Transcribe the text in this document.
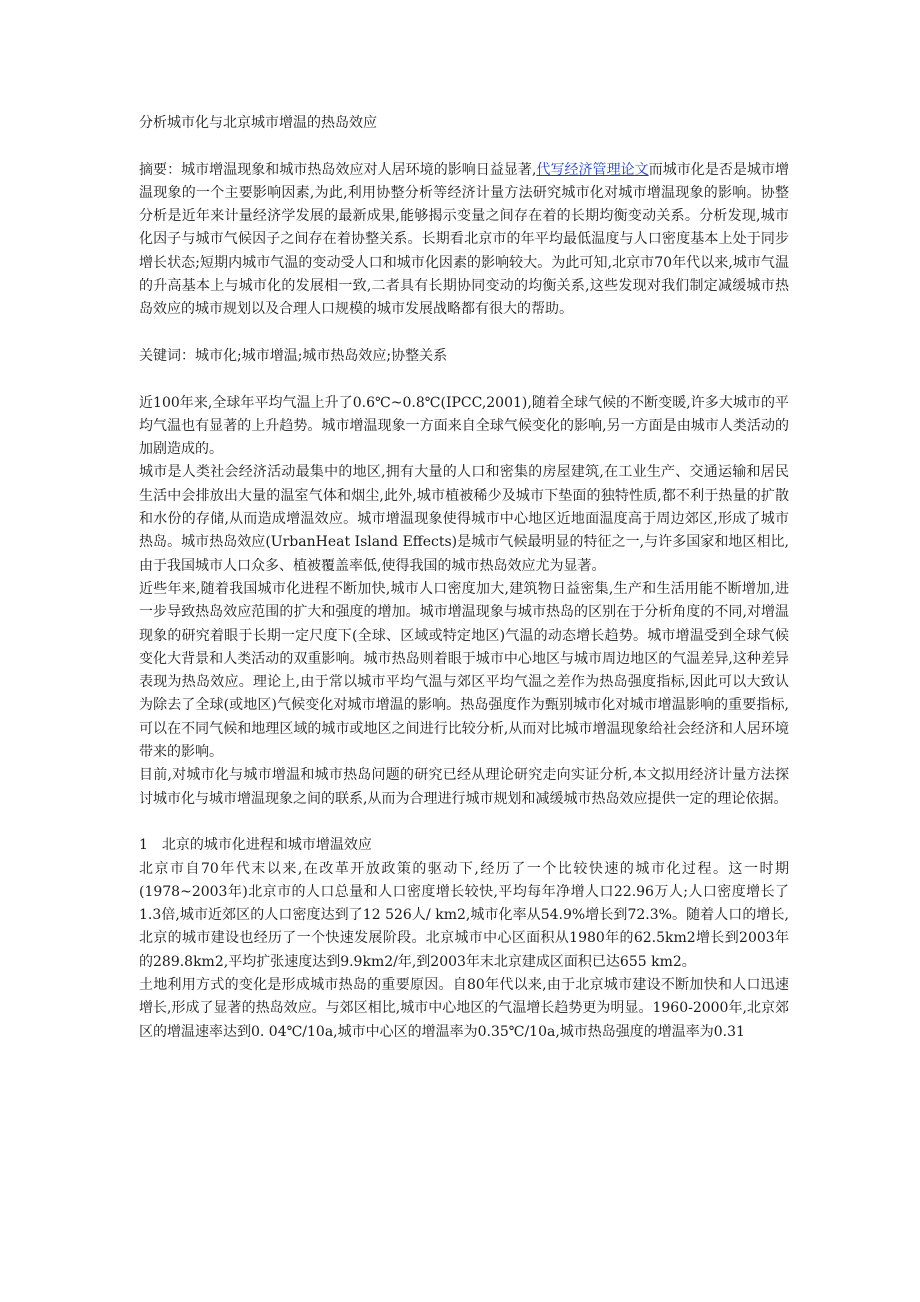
分析城市化与北京城市增温的热岛效应

摘要：城市增温现象和城市热岛效应对人居环境的影响日益显著,代写经济管理论文而城市化是否是城市增温现象的一个主要影响因素,为此,利用协整分析等经济计量方法研究城市化对城市增温现象的影响。协整分析是近年来计量经济学发展的最新成果,能够揭示变量之间存在着的长期均衡变动关系。分析发现,城市化因子与城市气候因子之间存在着协整关系。长期看北京市的年平均最低温度与人口密度基本上处于同步增长状态;短期内城市气温的变动受人口和城市化因素的影响较大。为此可知,北京市70年代以来,城市气温的升高基本上与城市化的发展相一致,二者具有长期协同变动的均衡关系,这些发现对我们制定减缓城市热岛效应的城市规划以及合理人口规模的城市发展战略都有很大的帮助。

关键词：城市化;城市增温;城市热岛效应;协整关系

近100年来,全球年平均气温上升了0.6℃~0.8℃(IPCC,2001),随着全球气候的不断变暖,许多大城市的平均气温也有显著的上升趋势。城市增温现象一方面来自全球气候变化的影响,另一方面是由城市人类活动的加剧造成的。

城市是人类社会经济活动最集中的地区,拥有大量的人口和密集的房屋建筑,在工业生产、交通运输和居民生活中会排放出大量的温室气体和烟尘,此外,城市植被稀少及城市下垫面的独特性质,都不利于热量的扩散和水份的存储,从而造成增温效应。城市增温现象使得城市中心地区近地面温度高于周边郊区,形成了城市热岛。城市热岛效应(UrbanHeat Island Effects)是城市气候最明显的特征之一,与许多国家和地区相比,由于我国城市人口众多、植被覆盖率低,使得我国的城市热岛效应尤为显著。

近些年来,随着我国城市化进程不断加快,城市人口密度加大,建筑物日益密集,生产和生活用能不断增加,进一步导致热岛效应范围的扩大和强度的增加。城市增温现象与城市热岛的区别在于分析角度的不同,对增温现象的研究着眼于长期一定尺度下(全球、区域或特定地区)气温的动态增长趋势。城市增温受到全球气候变化大背景和人类活动的双重影响。城市热岛则着眼于城市中心地区与城市周边地区的气温差异,这种差异表现为热岛效应。理论上,由于常以城市平均气温与郊区平均气温之差作为热岛强度指标,因此可以大致认为除去了全球(或地区)气候变化对城市增温的影响。热岛强度作为甄别城市化对城市增温影响的重要指标,可以在不同气候和地理区域的城市或地区之间进行比较分析,从而对比城市增温现象给社会经济和人居环境带来的影响。

目前,对城市化与城市增温和城市热岛问题的研究已经从理论研究走向实证分析,本文拟用经济计量方法探讨城市化与城市增温现象之间的联系,从而为合理进行城市规划和减缓城市热岛效应提供一定的理论依据。

1　北京的城市化进程和城市增温效应

北京市自70年代末以来,在改革开放政策的驱动下,经历了一个比较快速的城市化过程。这一时期(1978~2003年)北京市的人口总量和人口密度增长较快,平均每年净增人口22.96万人;人口密度增长了1.3倍,城市近郊区的人口密度达到了12 526人/ km2,城市化率从54.9%增长到72.3%。随着人口的增长,北京的城市建设也经历了一个快速发展阶段。北京城市中心区面积从1980年的62.5km2增长到2003年的289.8km2,平均扩张速度达到9.9km2/年,到2003年末北京建成区面积已达655 km2。

土地利用方式的变化是形成城市热岛的重要原因。自80年代以来,由于北京城市建设不断加快和人口迅速增长,形成了显著的热岛效应。与郊区相比,城市中心地区的气温增长趋势更为明显。1960-2000年,北京郊区的增温速率达到0. 04℃/10a,城市中心区的增温率为0.35℃/10a,城市热岛强度的增温率为0.31
